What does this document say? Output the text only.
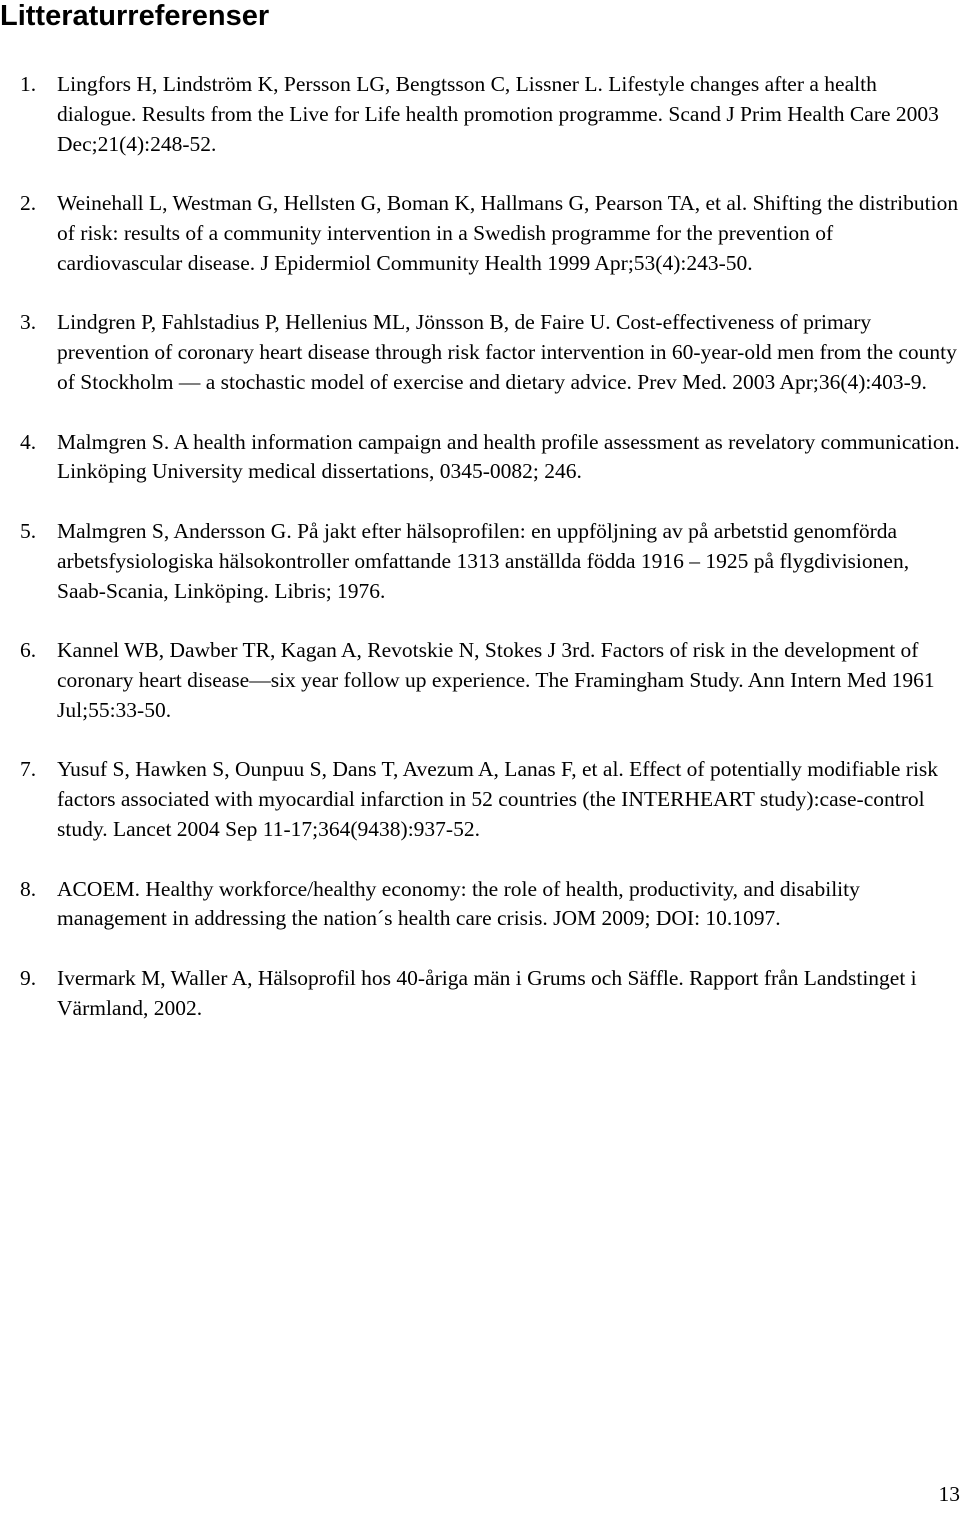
Litteraturreferenser
1. Lingfors H, Lindström K, Persson LG, Bengtsson C, Lissner L. Lifestyle changes after a health dialogue. Results from the Live for Life health promotion programme. Scand J Prim Health Care 2003 Dec;21(4):248-52.
2. Weinehall L, Westman G, Hellsten G, Boman K, Hallmans G, Pearson TA, et al. Shifting the distribution of risk: results of a community intervention in a Swedish programme for the prevention of cardiovascular disease. J Epidermiol Community Health 1999 Apr;53(4):243-50.
3. Lindgren P, Fahlstadius P, Hellenius ML, Jönsson B, de Faire U. Cost-effectiveness of primary prevention of coronary heart disease through risk factor intervention in 60-year-old men from the county of Stockholm — a stochastic model of exercise and dietary advice. Prev Med. 2003 Apr;36(4):403-9.
4. Malmgren S. A health information campaign and health profile assessment as revelatory communication. Linköping University medical dissertations, 0345-0082; 246.
5. Malmgren S, Andersson G. På jakt efter hälsoprofilen: en uppföljning av på arbetstid genomförda arbetsfysiologiska hälsokontroller omfattande 1313 anställda födda 1916 – 1925 på flygdivisionen, Saab-Scania, Linköping. Libris; 1976.
6. Kannel WB, Dawber TR, Kagan A, Revotskie N, Stokes J 3rd. Factors of risk in the development of coronary heart disease—six year follow up experience. The Framingham Study. Ann Intern Med 1961 Jul;55:33-50.
7. Yusuf S, Hawken S, Ounpuu S, Dans T, Avezum A, Lanas F, et al. Effect of potentially modifiable risk factors associated with myocardial infarction in 52 countries (the INTERHEART study):case-control study. Lancet 2004 Sep 11-17;364(9438):937-52.
8. ACOEM. Healthy workforce/healthy economy: the role of health, productivity, and disability management in addressing the nation´s health care crisis. JOM 2009; DOI: 10.1097.
9. Ivermark M, Waller A, Hälsoprofil hos 40-åriga män i Grums och Säffle. Rapport från Landstinget i Värmland, 2002.
13
